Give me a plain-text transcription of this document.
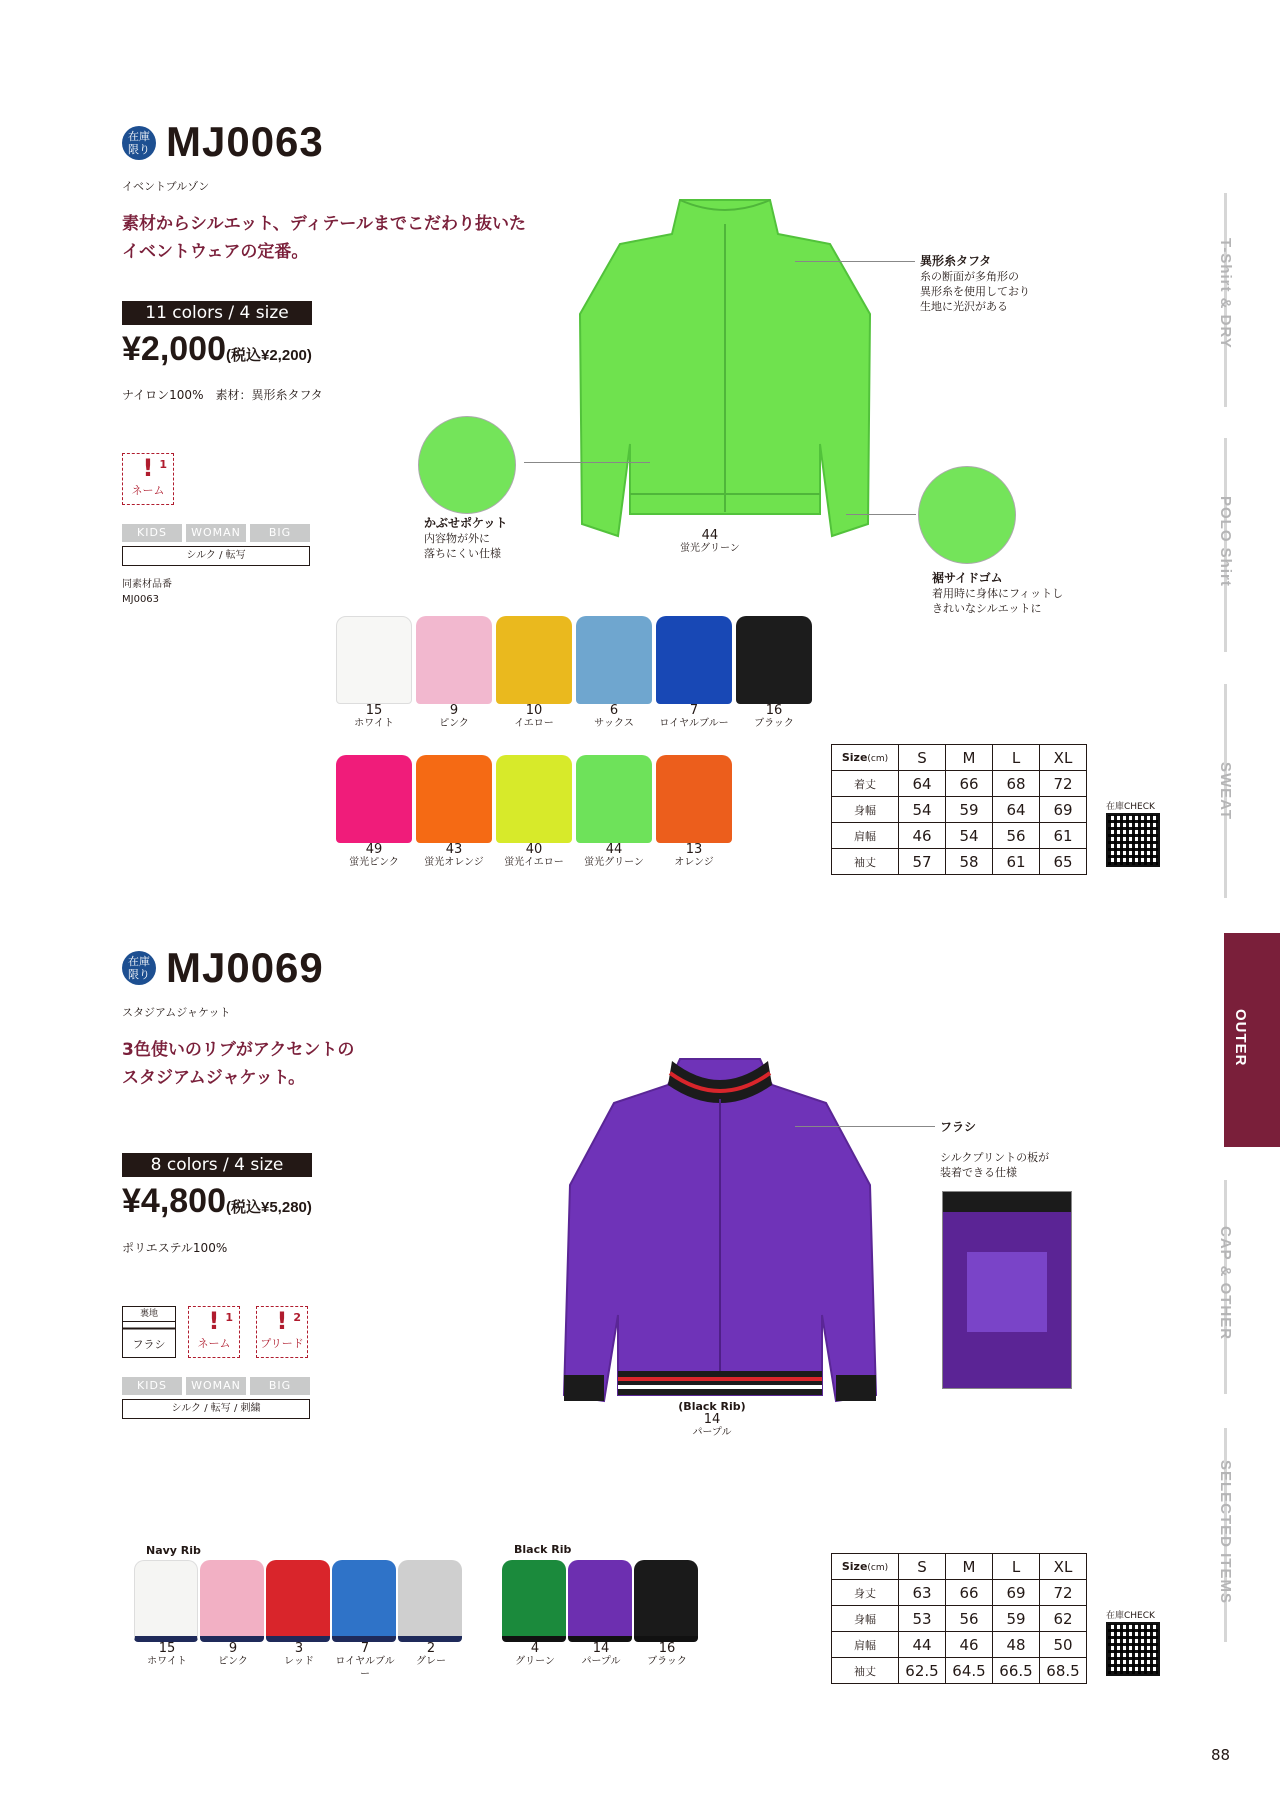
在庫
限り MJ0063
イベントブルゾン
素材からシルエット、ディテールまでこだわり抜いた
イベントウェアの定番。
11 colors / 4 size
¥2,000(税込¥2,200)
ナイロン100%　素材：異形糸タフタ
! 1
ネーム
KIDS	WOMAN	BIG
シルク / 転写
同素材品番
MJ0063
44
蛍光グリーン
異形糸タフタ
糸の断面が多角形の
異形糸を使用しており
生地に光沢がある
かぶせポケット
内容物が外に
落ちにくい仕様
裾サイドゴム
着用時に身体にフィットし
きれいなシルエットに
15
ホワイト
9
ピンク
10
イエロー
6
サックス
7
ロイヤルブルー
16
ブラック
49
蛍光ピンク
43
蛍光オレンジ
40
蛍光イエロー
44
蛍光グリーン
13
オレンジ
Size(cm)	S	M	L	XL
着丈	64	66	68	72
身幅	54	59	64	69
肩幅	46	54	56	61
袖丈	57	58	61	65
在庫CHECK
在庫
限り MJ0069
スタジアムジャケット
3色使いのリブがアクセントの
スタジアムジャケット。
8 colors / 4 size
¥4,800(税込¥5,280)
ポリエステル100%
裏地
フラシ
! 1
ネーム
! 2
プリード
KIDS	WOMAN	BIG
シルク / 転写 / 刺繍	(Black Rib)
14
パープル
フラシ

シルクプリントの板が
装着できる仕様
Navy Rib
15
ホワイト
9
ピンク
3
レッド
7
ロイヤルブルー
2
グレー
Black Rib
4
グリーン
14
パープル
16
ブラック
Size(cm)	S	M	L	XL
身丈	63	66	69	72
身幅	53	56	59	62
肩幅	44	46	48	50
袖丈	62.5	64.5	66.5	68.5
在庫CHECK
T-Shirt & DRY
POLO Shirt
SWEAT
OUTER
CAP & OTHER
SELECTED ITEMS
88
